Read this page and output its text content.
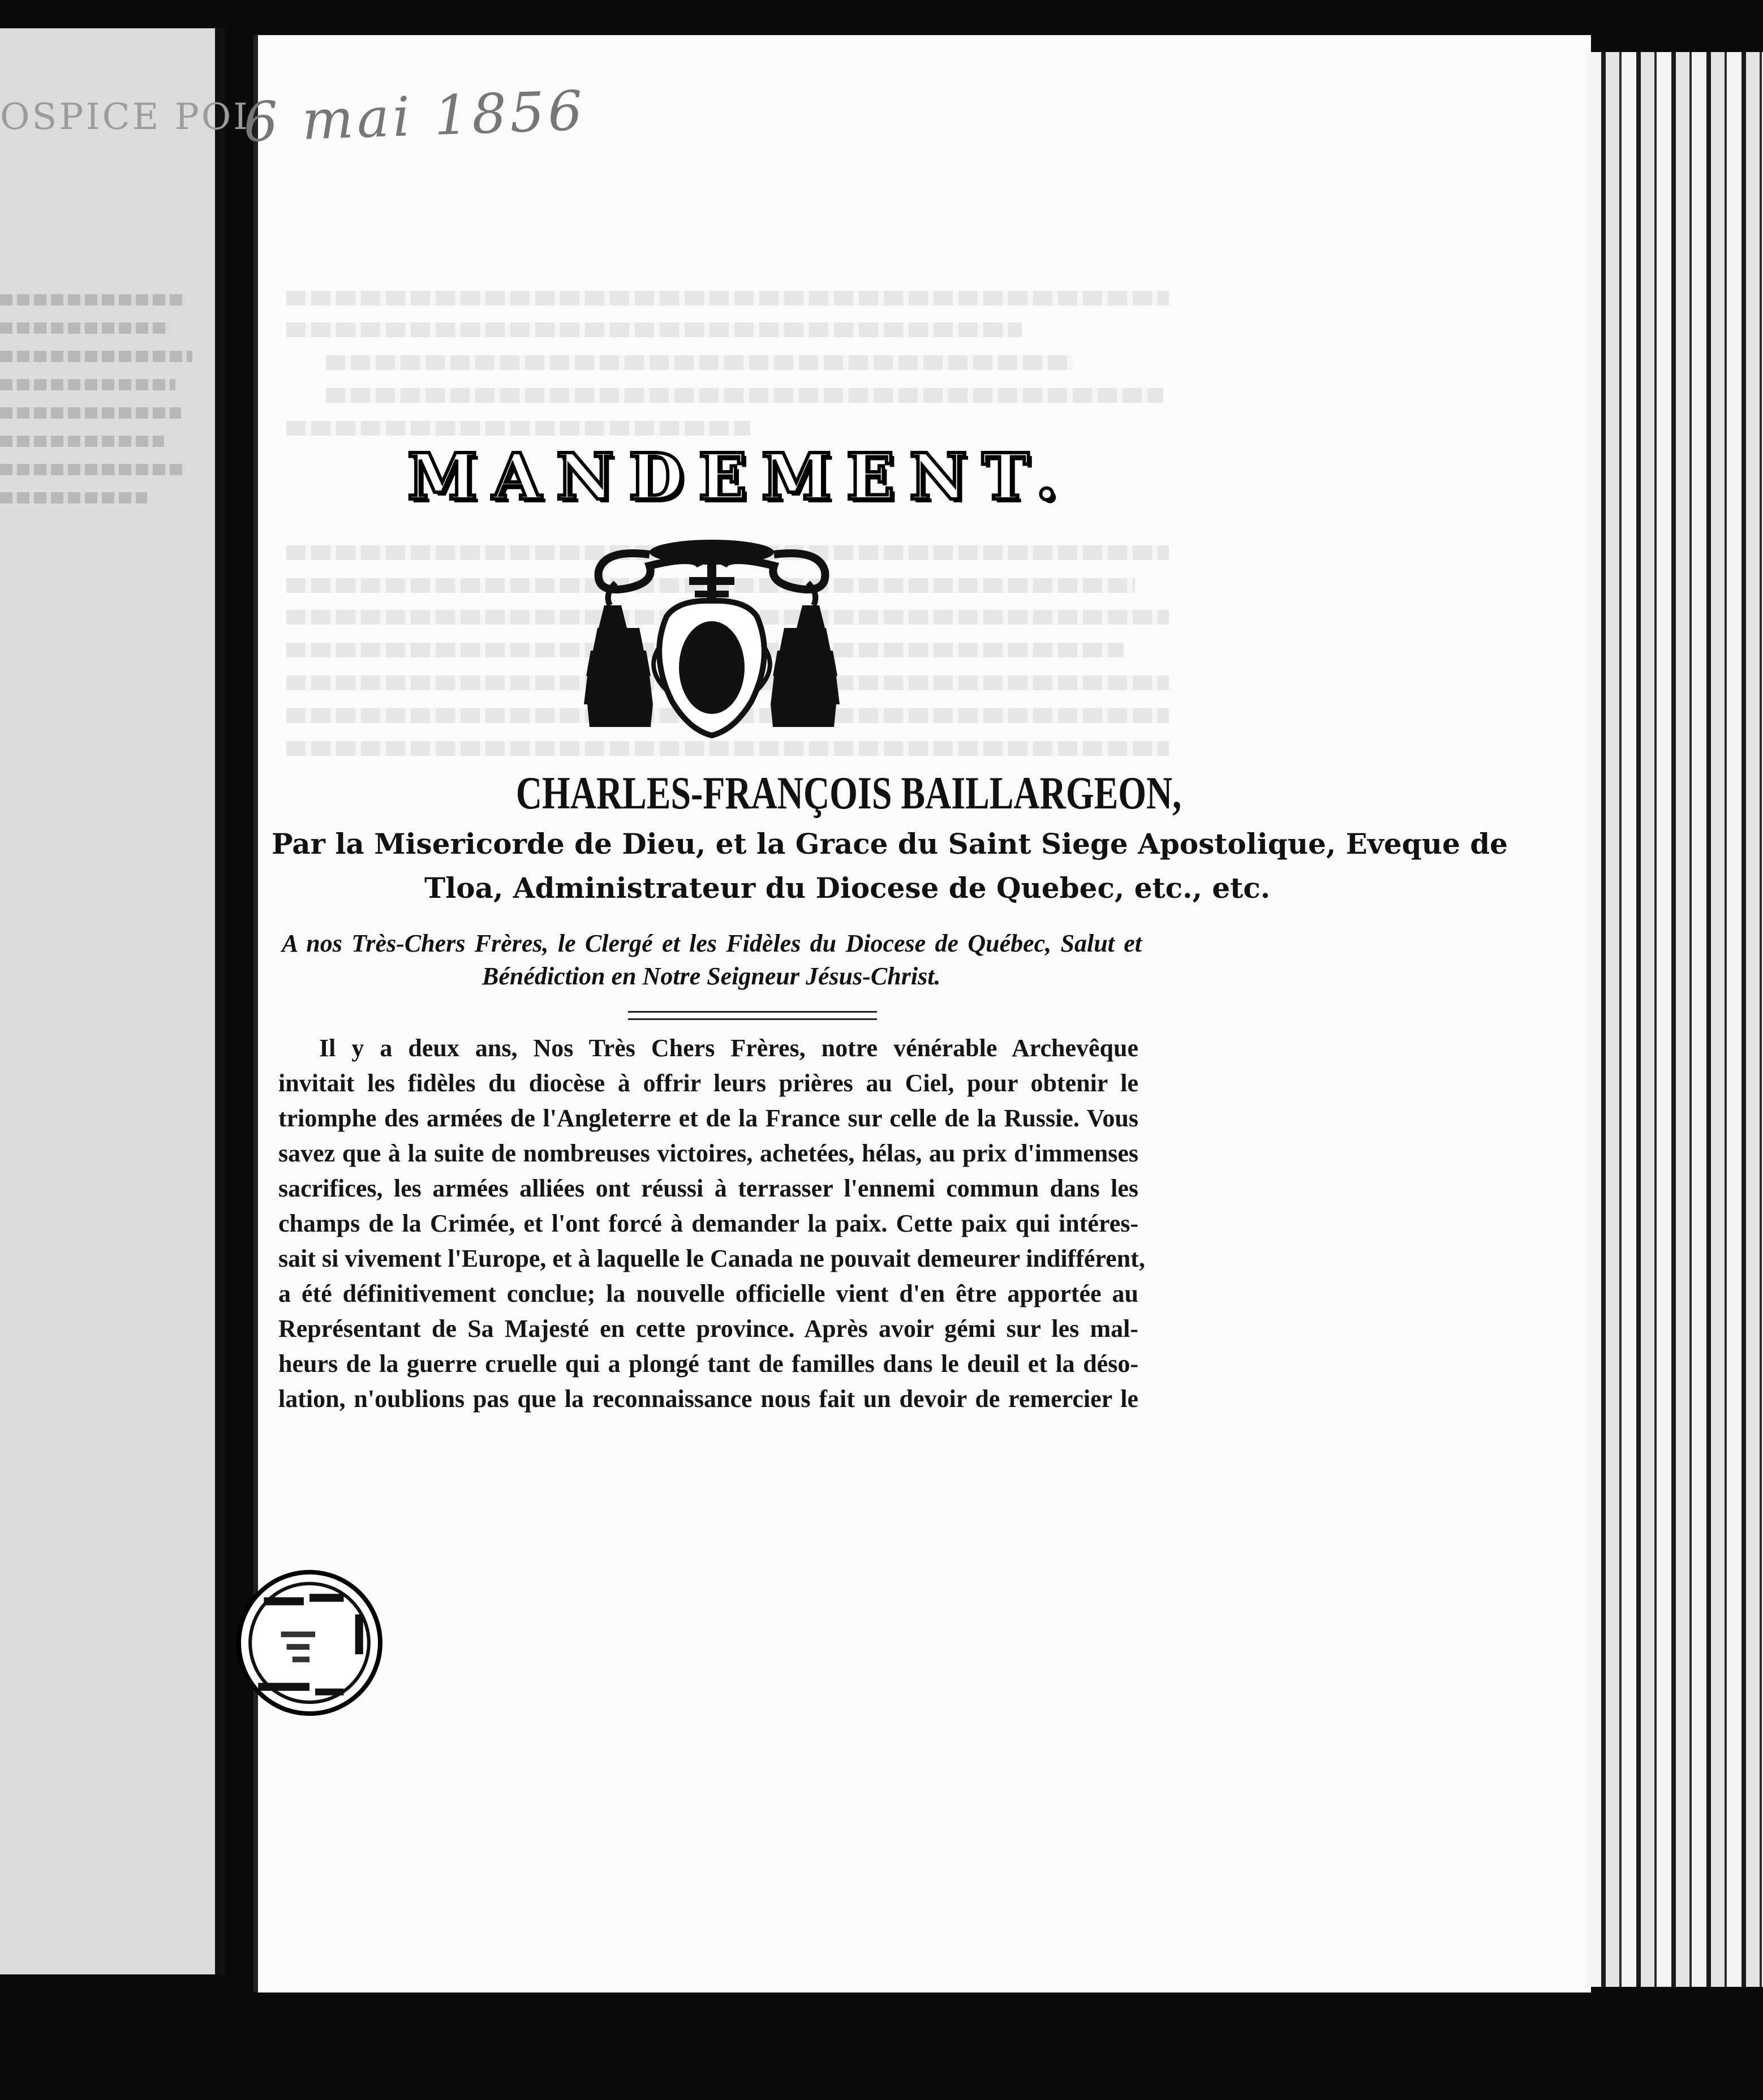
OSPICE POI
6 mai 1856
MANDEMENT.
CHARLES-FRANÇOIS BAILLARGEON,
Par la Misericorde de Dieu, et la Grace du Saint Siege Apostolique, Eveque de
Tloa, Administrateur du Diocese de Quebec, etc., etc.
A nos Très-Chers Frères, le Clergé et les Fidèles du Diocese de Québec, Salut et
Bénédiction en Notre Seigneur Jésus-Christ.
Il y a deux ans, Nos Très Chers Frères, notre vénérable Archevêque
invitait les fidèles du diocèse à offrir leurs prières au Ciel, pour obtenir le
triomphe des armées de l'Angleterre et de la France sur celle de la Russie. Vous
savez que à la suite de nombreuses victoires, achetées, hélas, au prix d'immenses
sacrifices, les armées alliées ont réussi à terrasser l'ennemi commun dans les
champs de la Crimée, et l'ont forcé à demander la paix. Cette paix qui intéres-
sait si vivement l'Europe, et à laquelle le Canada ne pouvait demeurer indifférent,
a été définitivement conclue; la nouvelle officielle vient d'en être apportée au
Représentant de Sa Majesté en cette province. Après avoir gémi sur les mal-
heurs de la guerre cruelle qui a plongé tant de familles dans le deuil et la déso-
lation, n'oublions pas que la reconnaissance nous fait un devoir de remercier le
